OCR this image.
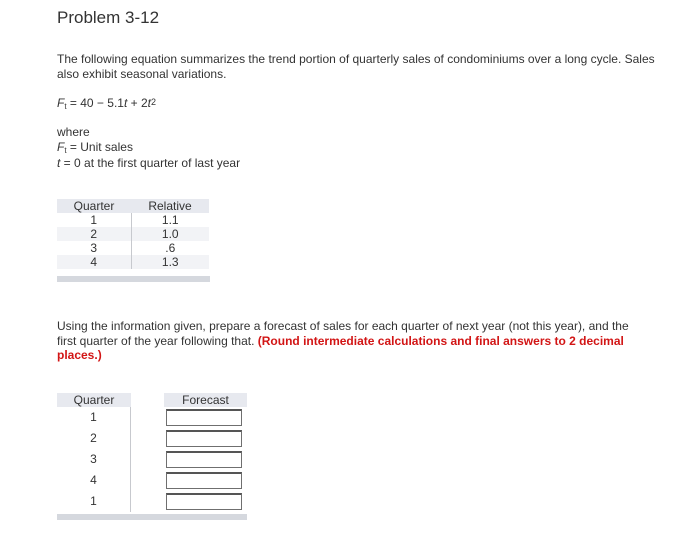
Problem 3-12
The following equation summarizes the trend portion of quarterly sales of condominiums over a long cycle. Sales also exhibit seasonal variations.
$F_t = 40 - 5.1t + 2t^2$
where
$F_t$ = Unit sales
t = 0 at the first quarter of last year
Quarter	Relative
1	1.1
2	1.0
3	.6
4	1.3
Using the information given, prepare a forecast of sales for each quarter of next year (not this year), and the first quarter of the year following that. (Round intermediate calculations and final answers to 2 decimal places.)
Quarter	Forecast
1
2
3
4
1
